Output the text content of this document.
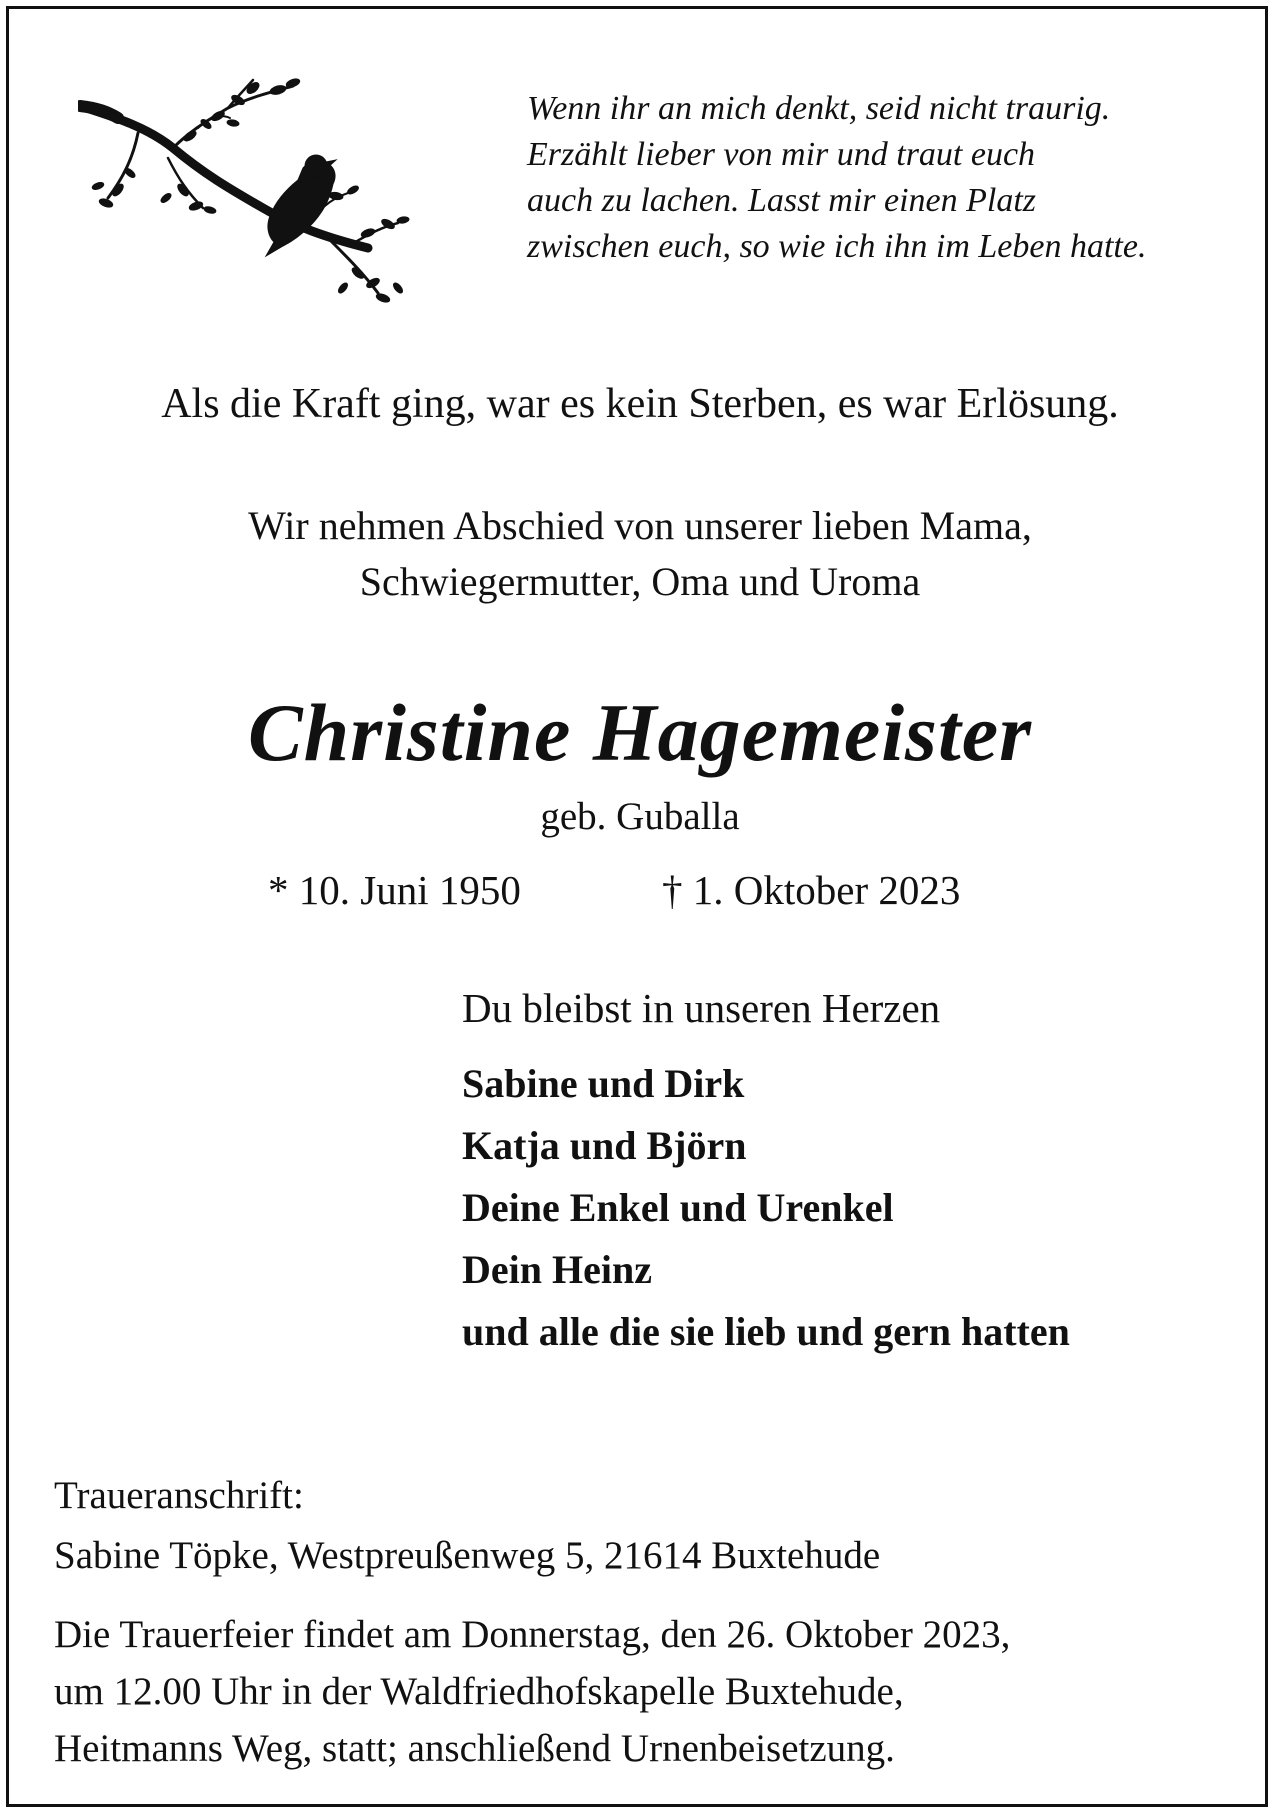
Wenn ihr an mich denkt, seid nicht traurig.
Erzählt lieber von mir und traut euch
auch zu lachen. Lasst mir einen Platz
zwischen euch, so wie ich ihn im Leben hatte.
Als die Kraft ging, war es kein Sterben, es war Erlösung.
Wir nehmen Abschied von unserer lieben Mama,
Schwiegermutter, Oma und Uroma
Christine Hagemeister
geb. Guballa
* 10. Juni 1950	† 1. Oktober 2023
Du bleibst in unseren Herzen
Sabine und Dirk
Katja und Björn
Deine Enkel und Urenkel
Dein Heinz
und alle die sie lieb und gern hatten
Traueranschrift:
Sabine Töpke, Westpreußenweg 5, 21614 Buxtehude
Die Trauerfeier findet am Donnerstag, den 26. Oktober 2023,
um 12.00 Uhr in der Waldfriedhofskapelle Buxtehude,
Heitmanns Weg, statt; anschließend Urnenbeisetzung.
